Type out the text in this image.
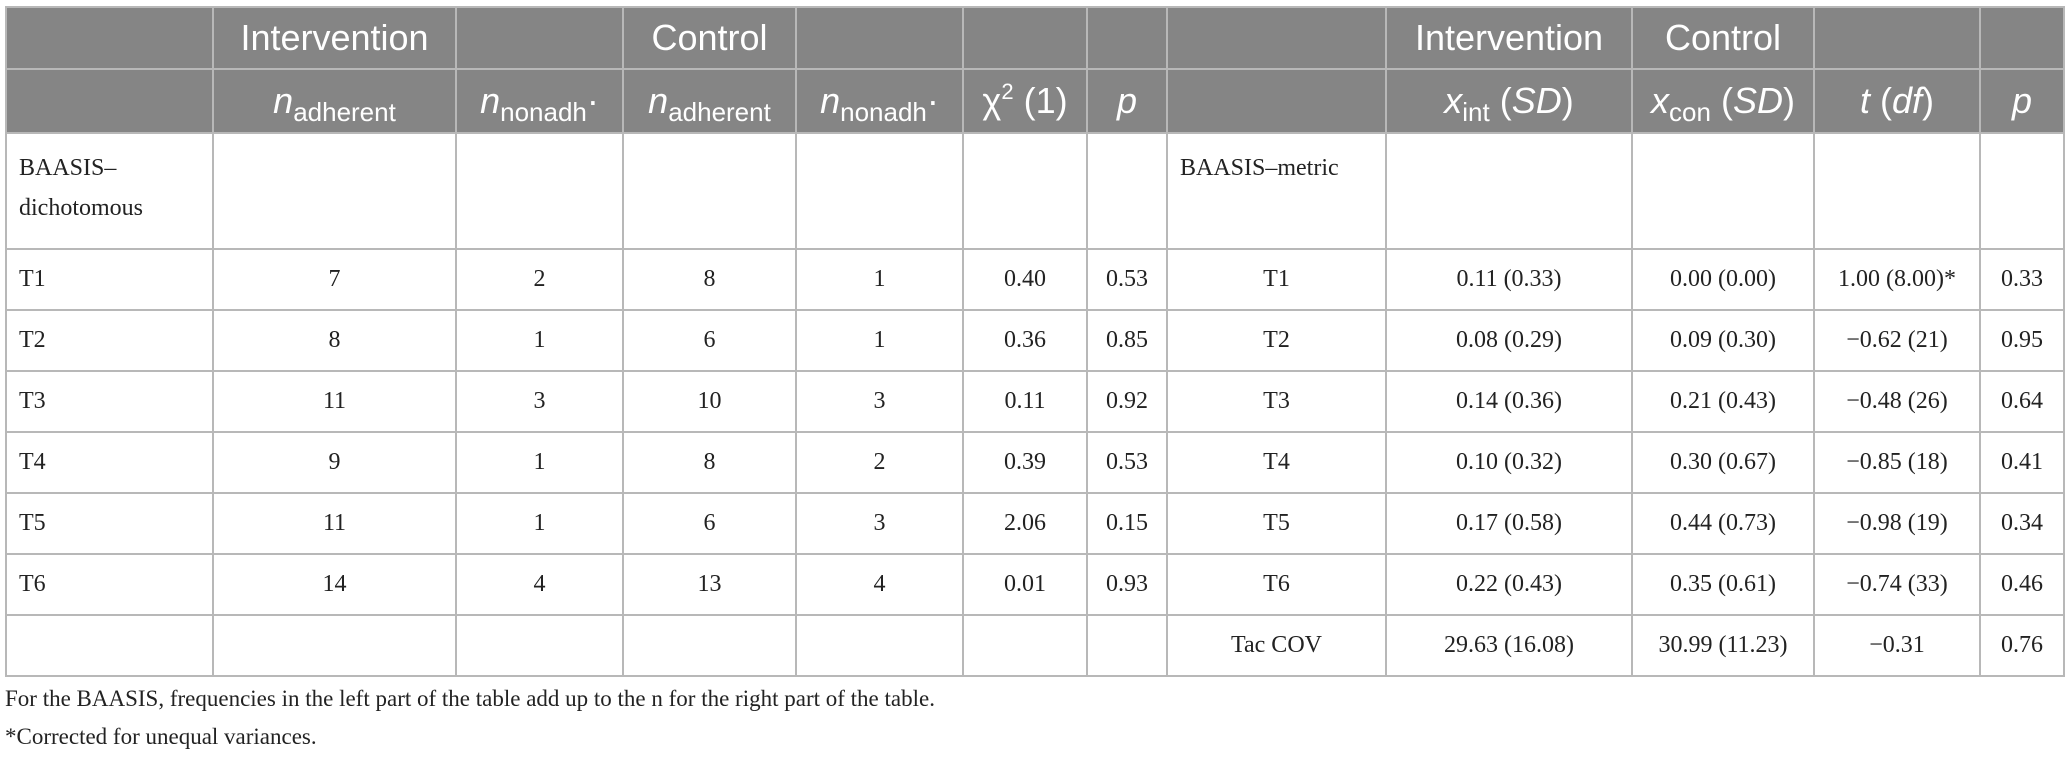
	Intervention		Control					Intervention	Control		
	$n_{adherent}$	$n_{nonadh}\cdot$	$n_{adherent}$	$n_{nonadh}\cdot$	$\chi^2$ (1)	p		$x_{int}$ (SD)	$x_{con}$ (SD)	t (df)	p
BAASIS–
dichotomous							BAASIS–metric				
T1	7	2	8	1	0.40	0.53	T1	0.11 (0.33)	0.00 (0.00)	1.00 (8.00)*	0.33
T2	8	1	6	1	0.36	0.85	T2	0.08 (0.29)	0.09 (0.30)	−0.62 (21)	0.95
T3	11	3	10	3	0.11	0.92	T3	0.14 (0.36)	0.21 (0.43)	−0.48 (26)	0.64
T4	9	1	8	2	0.39	0.53	T4	0.10 (0.32)	0.30 (0.67)	−0.85 (18)	0.41
T5	11	1	6	3	2.06	0.15	T5	0.17 (0.58)	0.44 (0.73)	−0.98 (19)	0.34
T6	14	4	13	4	0.01	0.93	T6	0.22 (0.43)	0.35 (0.61)	−0.74 (33)	0.46
							Tac COV	29.63 (16.08)	30.99 (11.23)	−0.31	0.76
For the BAASIS, frequencies in the left part of the table add up to the n for the right part of the table.
*Corrected for unequal variances.
